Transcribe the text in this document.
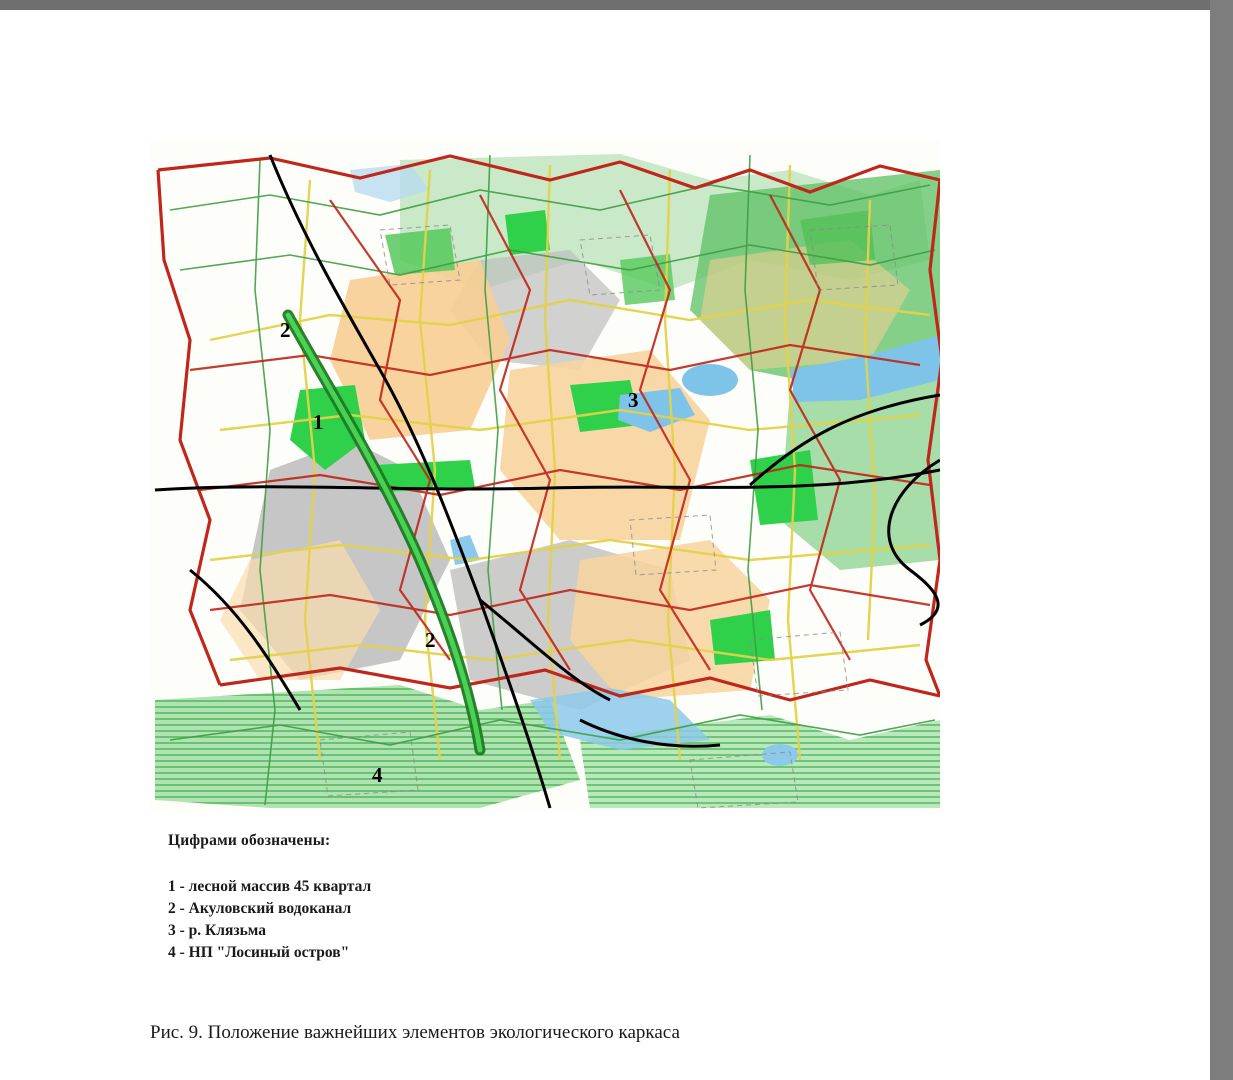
1
2
2
3
4
Цифрами обозначены:
1 - лесной массив 45 квартал
2 - Акуловский водоканал
3 - р. Клязьма
4 - НП "Лосиный остров"
Рис. 9. Положение важнейших элементов экологического каркаса
